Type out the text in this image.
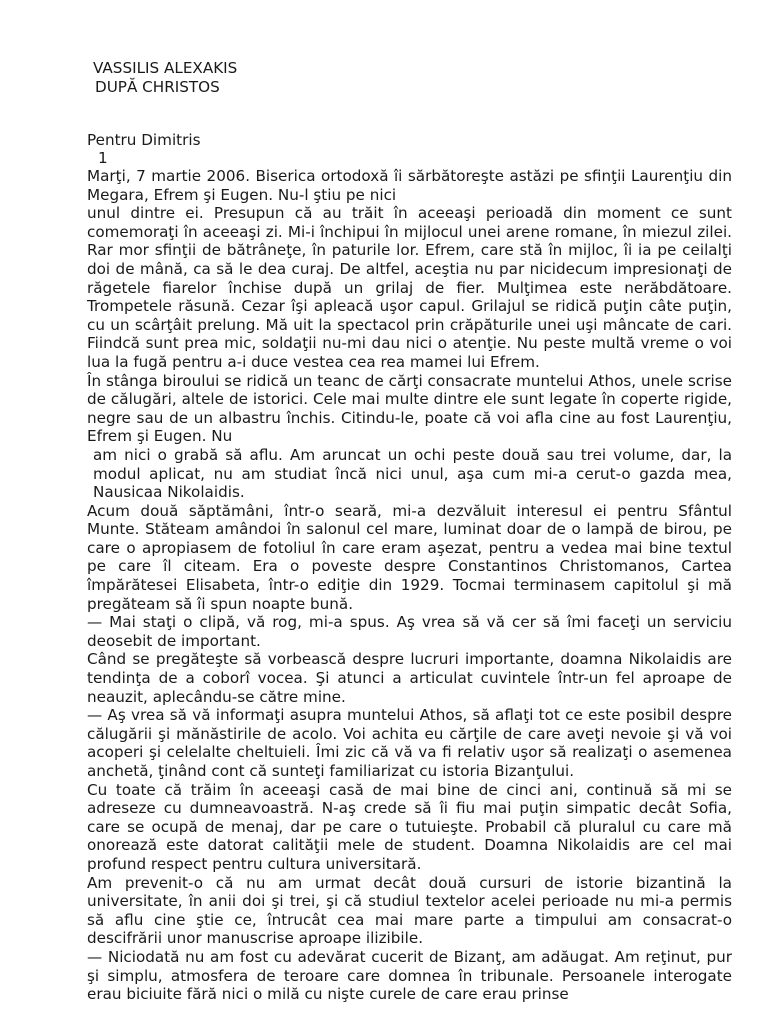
VASSILIS ALEXAKIS
DUPĂ CHRISTOS
Pentru Dimitris
1

Marţi, 7 martie 2006. Biserica ortodoxă îi sărbătoreşte astăzi pe sfinţii Laurenţiu din Megara, Efrem şi Eugen. Nu-l ştiu pe nici

unul dintre ei. Presupun că au trăit în aceeaşi perioadă din moment ce sunt comemoraţi în aceeaşi zi. Mi-i închipui în mijlocul unei arene romane, în miezul zilei. Rar mor sfinţii de bătrâneţe, în paturile lor. Efrem, care stă în mijloc, îi ia pe ceilalţi doi de mână, ca să le dea curaj. De altfel, aceştia nu par nicidecum impresionaţi de răgetele fiarelor închise după un grilaj de fier. Mulţimea este nerăbdătoare. Trompetele răsună. Cezar îşi apleacă uşor capul. Grilajul se ridică puţin câte puţin, cu un scârţâit prelung. Mă uit la spectacol prin crăpăturile unei uşi mâncate de cari. Fiindcă sunt prea mic, soldaţii nu-mi dau nici o atenţie. Nu peste multă vreme o voi lua la fugă pentru a-i duce vestea cea rea mamei lui Efrem.

În stânga biroului se ridică un teanc de cărţi consacrate muntelui Athos, unele scrise de călugări, altele de istorici. Cele mai multe dintre ele sunt legate în coperte rigide, negre sau de un albastru închis. Citindu-le, poate că voi afla cine au fost Laurenţiu, Efrem şi Eugen. Nu

am nici o grabă să aflu. Am aruncat un ochi peste două sau trei volume, dar, la modul aplicat, nu am studiat încă nici unul, aşa cum mi-a cerut-o gazda mea, Nausicaa Nikolaidis.

Acum două săptămâni, într-o seară, mi-a dezvăluit interesul ei pentru Sfântul Munte. Stăteam amândoi în salonul cel mare, luminat doar de o lampă de birou, pe care o apropiasem de fotoliul în care eram aşezat, pentru a vedea mai bine textul pe care îl citeam. Era o poveste despre Constantinos Christomanos, Cartea împărătesei Elisabeta, într-o ediţie din 1929. Tocmai terminasem capitolul şi mă pregăteam să îi spun noapte bună.

— Mai staţi o clipă, vă rog, mi-a spus. Aş vrea să vă cer să îmi faceţi un serviciu deosebit de important.

Când se pregăteşte să vorbească despre lucruri importante, doamna Nikolaidis are tendinţa de a coborî vocea. Şi atunci a articulat cuvintele într-un fel aproape de neauzit, aplecându-se către mine.

— Aş vrea să vă informaţi asupra muntelui Athos, să aflaţi tot ce este posibil despre călugării şi mănăstirile de acolo. Voi achita eu cărţile de care aveţi nevoie şi vă voi acoperi şi celelalte cheltuieli. Îmi zic că vă va fi relativ uşor să realizaţi o asemenea anchetă, ţinând cont că sunteţi familiarizat cu istoria Bizanţului.

Cu toate că trăim în aceeaşi casă de mai bine de cinci ani, continuă să mi se adreseze cu dumneavoastră. N-aş crede să îi fiu mai puţin simpatic decât Sofia, care se ocupă de menaj, dar pe care o tutuieşte. Probabil că pluralul cu care mă onorează este datorat calităţii mele de student. Doamna Nikolaidis are cel mai profund respect pentru cultura universitară.

Am prevenit-o că nu am urmat decât două cursuri de istorie bizantină la universitate, în anii doi şi trei, şi că studiul textelor acelei perioade nu mi-a permis să aflu cine ştie ce, întrucât cea mai mare parte a timpului am consacrat-o descifrării unor manuscrise aproape ilizibile.

— Niciodată nu am fost cu adevărat cucerit de Bizanţ, am adăugat. Am reţinut, pur şi simplu, atmosfera de teroare care domnea în tribunale. Persoanele interogate erau biciuite fără nici o milă cu nişte curele de care erau prinse
